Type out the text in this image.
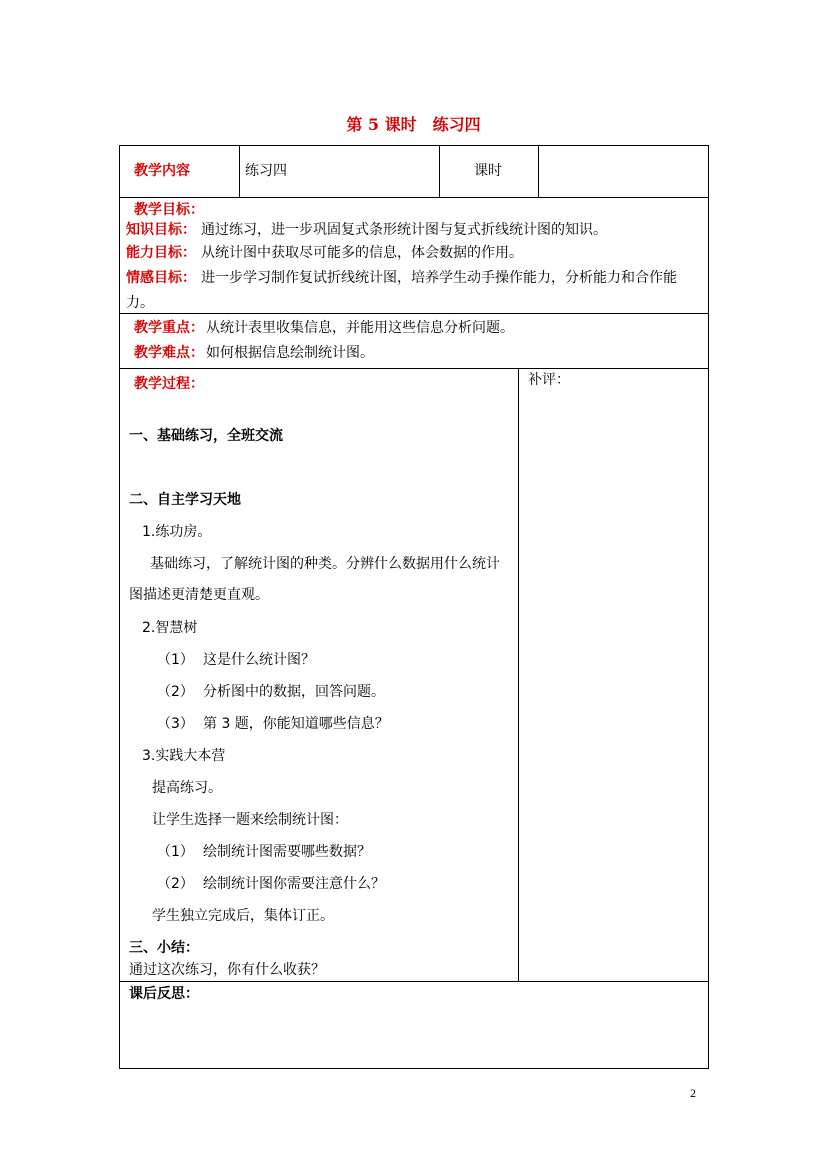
第 5 课时　练习四
教学内容	练习四	课时
教学目标：
知识目标： 通过练习，进一步巩固复式条形统计图与复式折线统计图的知识。
能力目标： 从统计图中获取尽可能多的信息，体会数据的作用。
情感目标： 进一步学习制作复试折线统计图，培养学生动手操作能力，分析能力和合作能
力。
教学重点： 从统计表里收集信息，并能用这些信息分析问题。
教学难点： 如何根据信息绘制统计图。
教学过程：	补评：
一、基础练习，全班交流
二、自主学习天地
1.练功房。
基础练习，了解统计图的种类。分辨什么数据用什么统计
图描述更清楚更直观。
2.智慧树
（1） 这是什么统计图？
（2） 分析图中的数据，回答问题。
（3） 第 3 题，你能知道哪些信息？
3.实践大本营
提高练习。
让学生选择一题来绘制统计图：
（1） 绘制统计图需要哪些数据？
（2） 绘制统计图你需要注意什么？
学生独立完成后，集体订正。
三、小结：
通过这次练习，你有什么收获？
课后反思：
2
